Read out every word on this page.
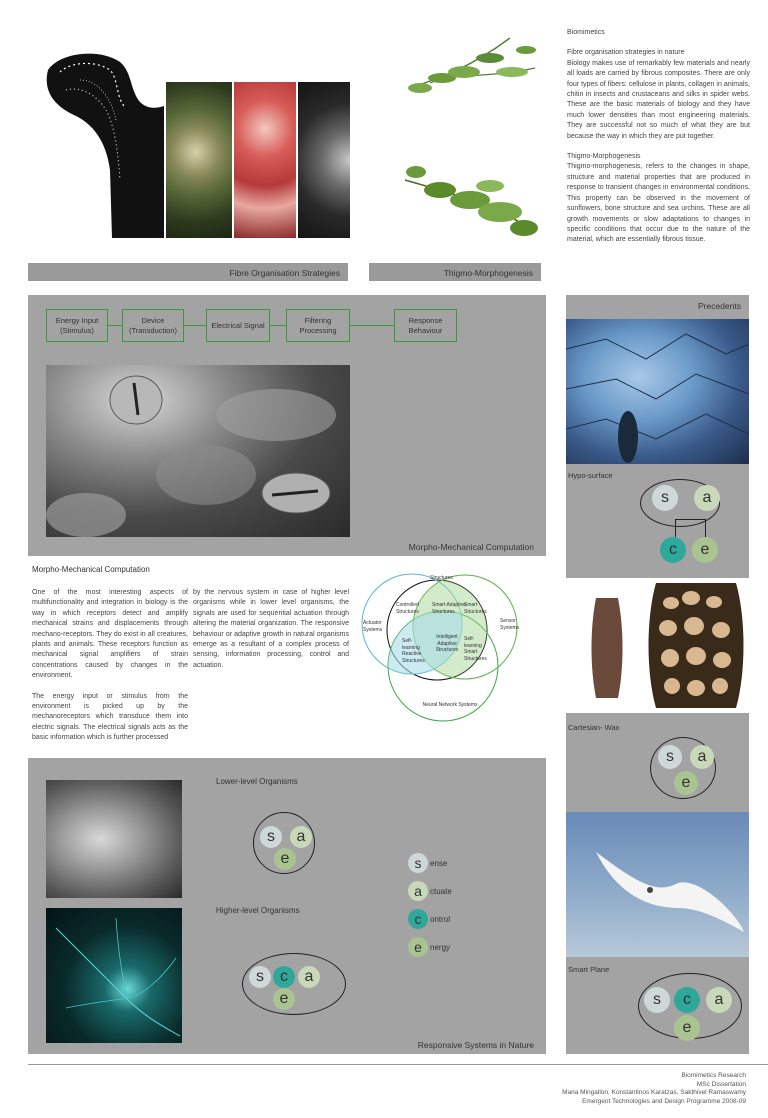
Fibre Organisation Strategies	Thigmo-Morphogenesis
Biomimetics
Fibre organisation strategies in nature
Biology makes use of remarkably few materials and nearly all loads are carried by fibrous composites. There are only four types of fibers: cellulose in plants, collagen in animals, chitin in insects and crustaceans and silks in spider webs. These are the basic materials of biology and they have much lower densities than most engineering materials. They are successful not so much of what they are but because the way in which they are put together.
Thigmo-Morphogenesis
Thigmo-morphogenesis, refers to the changes in shape, structure and material properties that are produced in response to transient changes in environmental conditions. This property can be observed in the movement of sunflowers, bone structure and sea urchins. These are all growth movements or slow adaptations to changes in specific conditions that occur due to the nature of the material, which are essentially fibrous tissue.
Energy Input (Stimulus)
Device (Transduction)
Electrical Signal
Filtering Processing
Response Behaviour
Morpho-Mechanical Computation
Morpho-Mechanical Computation
One of the most interesting aspects of multifunctionality and integration in biology is the way in which receptors detect and amplify mechanical strains and displacements through mechano-receptors. They do exist in all creatures, plants and animals. These receptors function as mechanical signal amplifiers of strain concentrations caused by changes in the environment.
The energy input or stimulus from the environment is picked up by the mechanoreceptors which transduce them into electric signals. The electrical signals acts as the basic information which is further processed
by the nervous system in case of higher level organisms while in lower level organisms, the signals are used for sequential actuation through altering the material organization. The responsive behaviour or adaptive growth in natural organisms emerge as a resultant of a complex process of sensing, information processing, control and actuation.
Structures
Actuator Systems
Sensor Systems
Neural Network Systems
Controlled Structures
Smart Structures
Smart Adaptive Structures
Self-learning Reactive Structures
Self-learning Smart Structures
Intelligent Adaptive Structures
Lower-level Organisms
s	a
e
Higher-level Organisms
s	c	a
e
s	ense
a	ctuate
c	ontrol
e	nergy
Responsive Systems in Nature
Precedents
Hypo-surface
s	a
c	e
Cartesian- Wax
s	a
e
Smart Plane
s	c	a
e
Biomimetics Research
MSc Dissertation
Maria Mingallon, Konstantinos Karatzas, Sakthivel Ramaswamy
Emergent Technologies and Design Programme 2008-09
